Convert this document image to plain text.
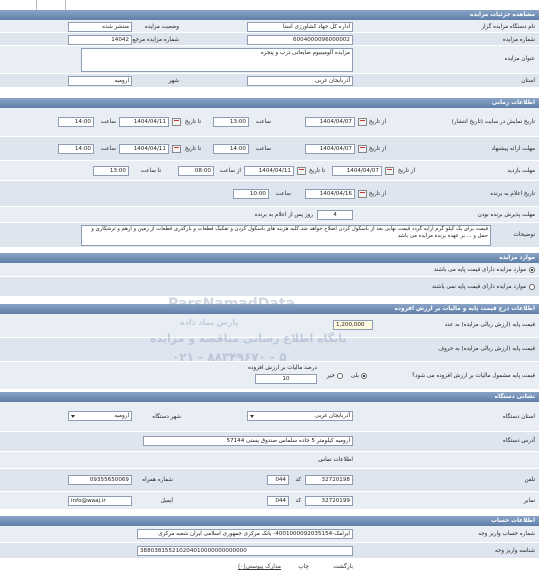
مشاهده جزئیات مزایده
نام دستگاه مزایده گزار
اداره کل جهاد کشاورزی استا
وضعیت مزایده
منتشر شده
شماره مزایده
6004000096000002
شماره مزایده مرجع
14042
عنوان مزایده
مزایده آلومینیوم ضایعاتی درب و پنجره
استان
آذربایجان غربی
شهر
ارومیه
اطلاعات زمانی
تاریخ نمایش در سایت (تاریخ انتشار)
از تاریخ
1404/04/07
ساعت
13:00
تا تاریخ
1404/04/11
ساعت
14:00
مهلت ارائه پیشنهاد
از تاریخ
1404/04/07
ساعت
14:00
تا تاریخ
1404/04/11
ساعت
14:00
مهلت بازدید
از تاریخ
1404/04/07
تا تاریخ
1404/04/11
از ساعت
08:00
تا ساعت
13:00
تاریخ اعلام به برنده
از تاریخ
1404/04/16
ساعت
10:00
مهلت پذیرش برنده بودن
4
روز پس از اعلام به برنده
توضیحات
قیمت برای یک کیلو گرم ارایه گردد قیمت نهایی بعد از باسکول کردن اصلاح خواهد شد.کلیه هزینه های باسکول کردن و تفکیک قطعات و بارگذری قطعات از زمین و ارهم و ترشکاری و حمل و ... بر عهده برنده مزایده می باشد
موارد مزایده
موارد مزایده دارای قیمت پایه می باشند
موارد مزایده دارای قیمت پایه نمی باشند
اطلاعات درج قیمت پایه و مالیات بر ارزش افزوده
قیمت پایه (ارزش ریالی مزایده) به عدد
1,200,000
قیمت پایه (ارزش ریالی مزایده) به حروف
قیمت پایه مشمول مالیات بر ارزش افزوده می شود؟
بلی
خیر
درصد مالیات بر ارزش افزوده
10
نشانی دستگاه
استان دستگاه
آذربایجان غربی
شهر دستگاه
ارومیه
آدرس دستگاه
ارومیه کیلومتر 5 جاده سلماس صندوق پستی 57144
اطلاعات تماس
تلفن
32720198
کد
044
شماره همراه
09355650069
نمابر
32720199
کد
044
ایمیل
info@waaj.ir
اطلاعات حساب
شماره حساب واریز وجه
ابرامک-4001000092035154- بانک مرکزی جمهوری اسلامی ایران شعبه مرکزی
شناسه واریز وجه
388038155210204010000000000000
بازگشت
چاپ
مدارک پیوستی(۰)
ParsNamadData
پارس نماد داده
پایگاه اطلاع رسانی مناقصه و مزایده
۰۲۱ - ۸۸۳۴۹۶۷۰ - ۵
